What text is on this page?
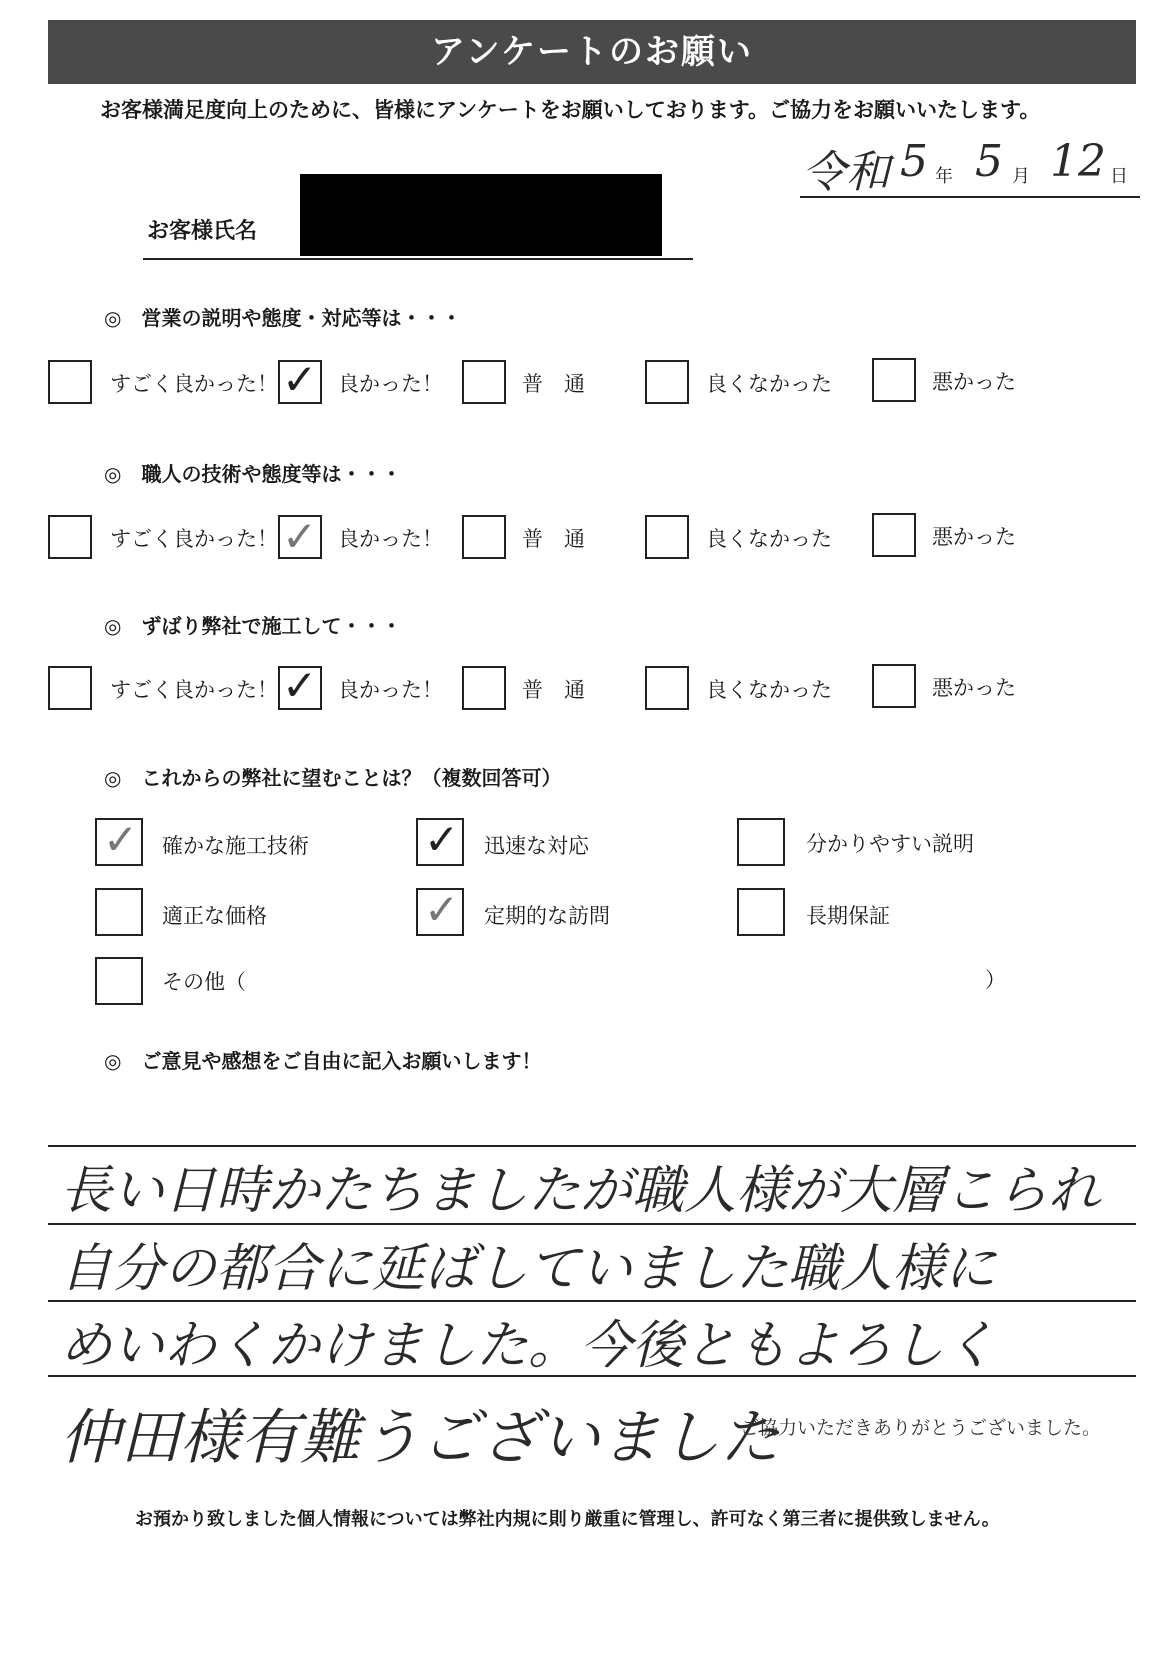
アンケートのお願い
お客様満足度向上のために、皆様にアンケートをお願いしております。ご協力をお願いいたします。
令和 5 年 5 月 12 日
お客様氏名
◎　営業の説明や態度・対応等は・・・
すごく良かった！ ✓ 良かった！	普　通	良くなかった	悪かった
◎　職人の技術や態度等は・・・
すごく良かった！ ✓ 良かった！	普　通	良くなかった	悪かった
◎　ずばり弊社で施工して・・・
すごく良かった！ ✓ 良かった！	普　通	良くなかった	悪かった
◎　これからの弊社に望むことは？（複数回答可）
✓ 確かな施工技術	✓ 迅速な対応	分かりやすい説明
適正な価格	✓ 定期的な訪問	長期保証
その他（	）
◎　ご意見や感想をご自由に記入お願いします！
長い日時かたちましたが職人様が大層こられ
自分の都合に延ばしていました職人様に
めいわくかけました。今後ともよろしく
仲田様有難うございました
ご協力いただきありがとうございました。
お預かり致しました個人情報については弊社内規に則り厳重に管理し、許可なく第三者に提供致しません。
